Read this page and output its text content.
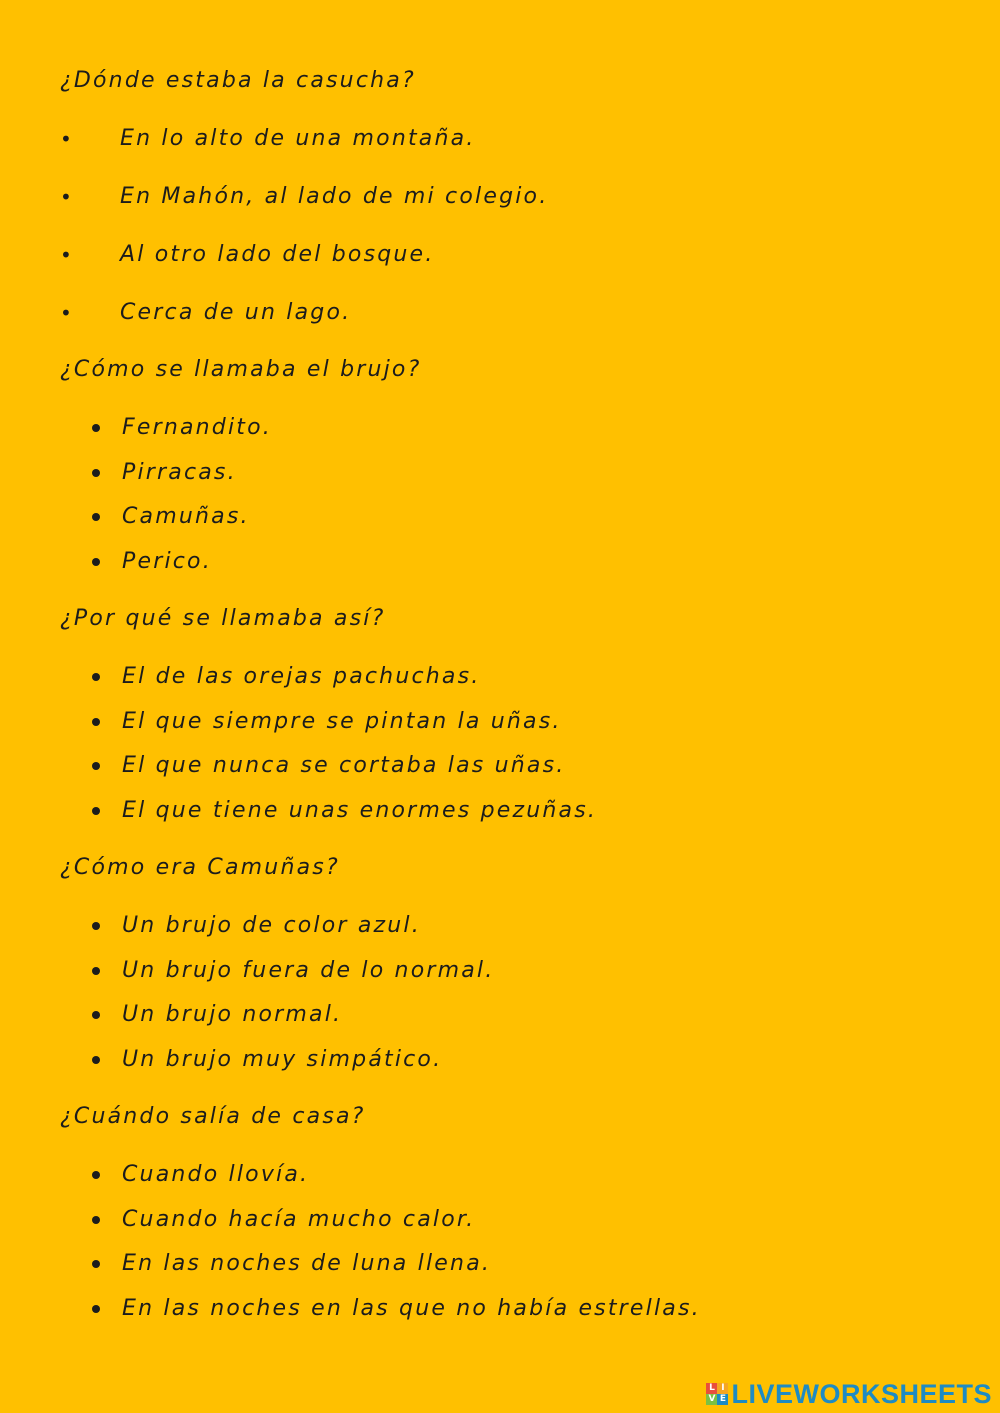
¿Dónde estaba la casucha?
• En lo alto de una montaña.
• En Mahón, al lado de mi colegio.
• Al otro lado del bosque.
• Cerca de un lago.
¿Cómo se llamaba el brujo?
Fernandito.
Pirracas.
Camuñas.
Perico.
¿Por qué se llamaba así?
El de las orejas pachuchas.
El que siempre se pintan la uñas.
El que nunca se cortaba las uñas.
El que tiene unas enormes pezuñas.
¿Cómo era Camuñas?
Un brujo de color azul.
Un brujo fuera de lo normal.
Un brujo normal.
Un brujo muy simpático.
¿Cuándo salía de casa?
Cuando llovía.
Cuando hacía mucho calor.
En las noches de luna llena.
En las noches en las que no había estrellas.
L I
V E LIVEWORKSHEETS
